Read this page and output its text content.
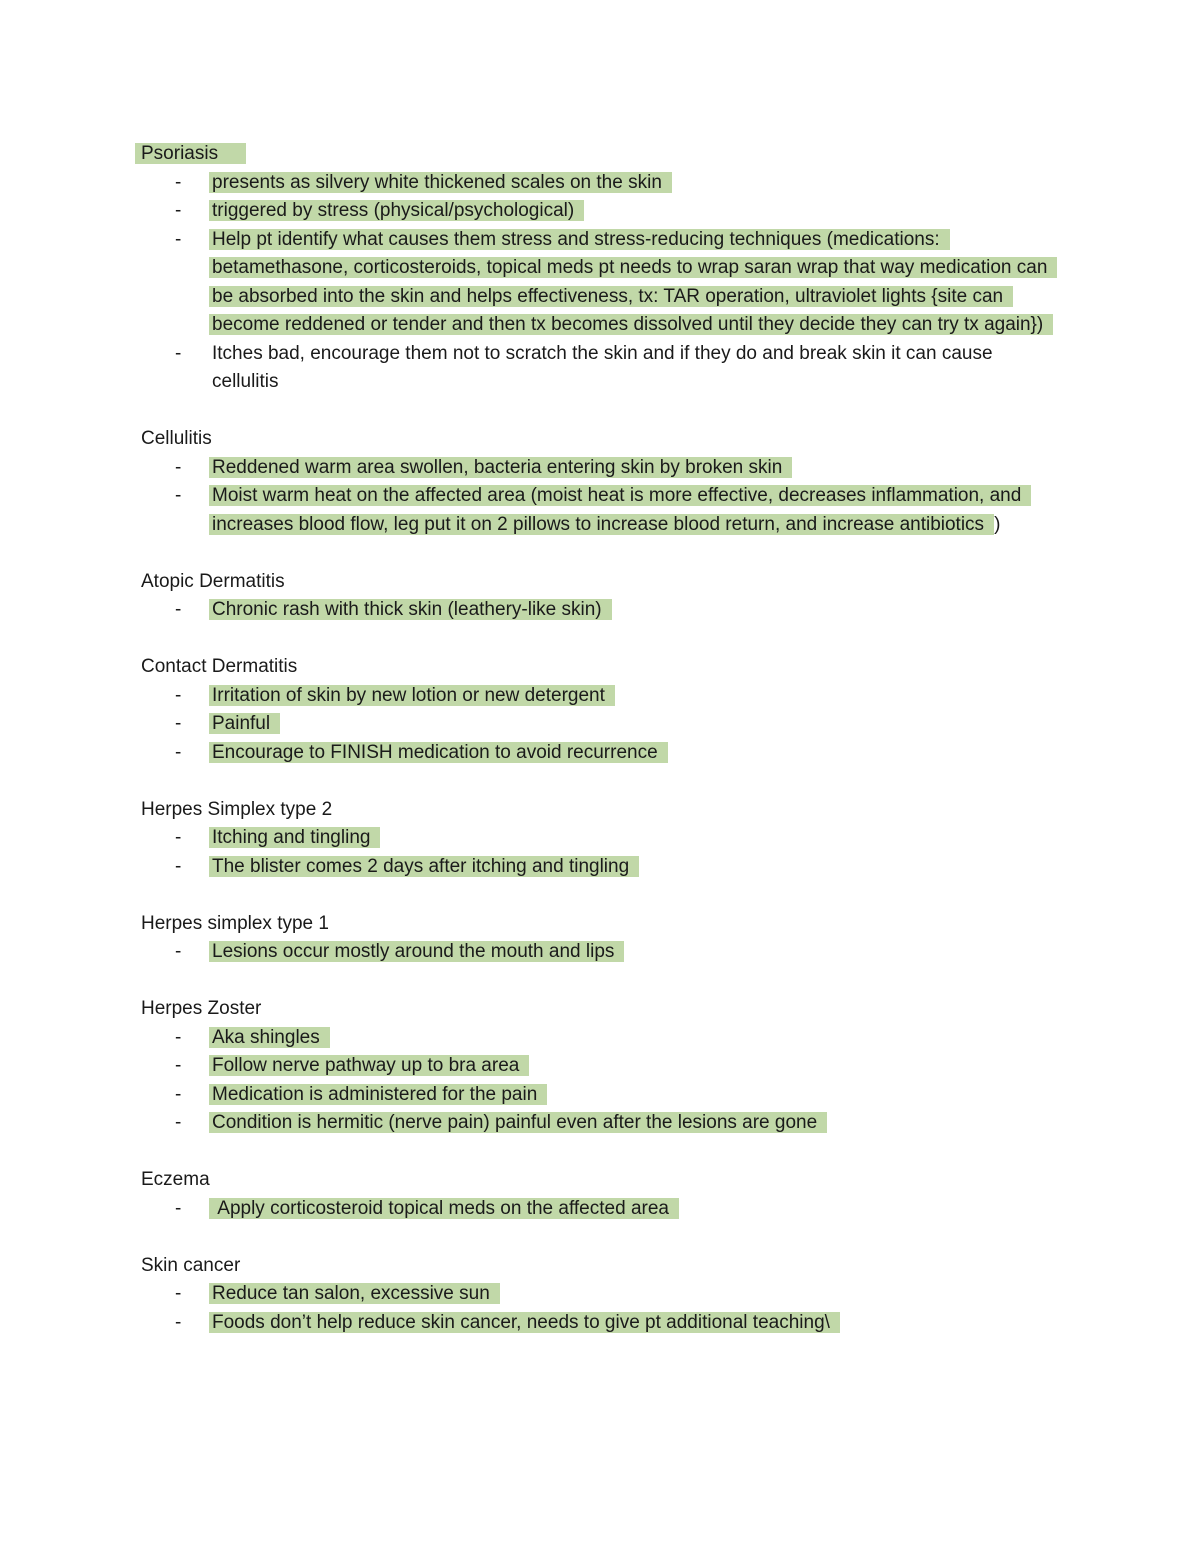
Psoriasis
- presents as silvery white thickened scales on the skin
- triggered by stress (physical/psychological)
- Help pt identify what causes them stress and stress-reducing techniques (medications: betamethasone, corticosteroids, topical meds pt needs to wrap saran wrap that way medication can be absorbed into the skin and helps effectiveness, tx: TAR operation, ultraviolet lights {site can become reddened or tender and then tx becomes dissolved until they decide they can try tx again})
- Itches bad, encourage them not to scratch the skin and if they do and break skin it can cause cellulitis
Cellulitis
- Reddened warm area swollen, bacteria entering skin by broken skin
- Moist warm heat on the affected area (moist heat is more effective, decreases inflammation, and increases blood flow, leg put it on 2 pillows to increase blood return, and increase antibiotics )
Atopic Dermatitis
- Chronic rash with thick skin (leathery-like skin)
Contact Dermatitis
- Irritation of skin by new lotion or new detergent
- Painful
- Encourage to FINISH medication to avoid recurrence
Herpes Simplex type 2
- Itching and tingling
- The blister comes 2 days after itching and tingling
Herpes simplex type 1
- Lesions occur mostly around the mouth and lips
Herpes Zoster
- Aka shingles
- Follow nerve pathway up to bra area
- Medication is administered for the pain
- Condition is hermitic (nerve pain) painful even after the lesions are gone
Eczema
- Apply corticosteroid topical meds on the affected area
Skin cancer
- Reduce tan salon, excessive sun
- Foods don’t help reduce skin cancer, needs to give pt additional teaching\
